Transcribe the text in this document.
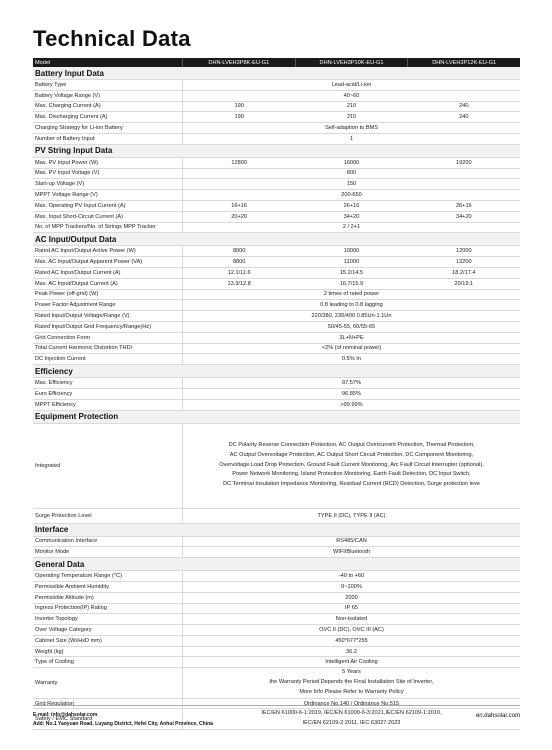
Technical Data
Model	DHN-LVEH3P8K-EU-G1	DHN-LVEH3P10K-EU-G1	DHN-LVEH3P12K-EU-G1
Battery Input Data
Battery Type	Lead-acid/Li-ion
Battery Voltage Range (V)	40~60
Max. Charging Current (A)	190	210	240
Max. Discharging Current (A)	190	210	240
Charging Strategy for Li-ion Battery	Self-adaption to BMS
Number of Battery Input	1
PV String Input Data
Max. PV Input Power (W)	12800	16000	19200
Max. PV Input Voltage (V)	800
Start-up Voltage (V)	150
MPPT Voltage Range (V)	200-650
Max. Operating PV Input Current (A)	16+16	26+16	26+16
Max. Input Short-Circuit Current (A)	20+20	34+20	34+20
No. of MPP Trackers/No. of Strings MPP Tracker	2 / 2+1
AC Input/Output Data
Rated AC Input/Output Active Power (W)	8000	10000	12000
Max. AC Input/Output Apparent Power (VA)	8800	11000	13200
Rated AC Input/Output Current (A)	12.1/11.6	15.2/14.5	18.2/17.4
Max. AC Input/Output Current (A)	13.3/12.8	16.7/15.9	20/19.1
Peak Power (off-grid) (W)	2 times of rated power
Power Factor Adjustment Range	0.8 leading to 0.8 lagging
Rated Input/Output Voltage/Range (V)	220/380, 230/400 0.85Un-1.1Un
Rated Input/Output Grid Frequency/Range(Hz)	50/45-55, 60/55-65
Grid Connection Form	3L+N+PE
Total Current Harmonic Distortion THDi	<2% (of nominal power)
DC Injection Current	0.5% In
Efficiency
Max. Efficiency	97.57%
Euro Efficiency	96.85%
MPPT Efficiency	>99.99%
Equipment Protection
Integrated
DC Polarity Reverse Connection Protection, AC Output Overcurrent Protection, Thermal Protection,
AC Output Overvoltage Protection, AC Output Short Circuit Protection, DC Component Monitoring,
Overvoltage Load Drop Protection, Ground Fault Current Monitoring, Arc Fault Circuit Interrupter (optional),
Power Network Monitoring, Island Protection Monitoring, Earth Fault Detection, DC Input Switch,
DC Terminal Insulation Impedance Monitoring, Residual Current (RCD) Detection, Surge protection leve
Surge Protection Level	TYPE II (DC), TYPE II (AC)
Interface
Communication Interface	RS485/CAN
Monitor Mode	WIFI/Bluetooth
General Data
Operating Temperature Range (°C)	-40 to +60
Permissible Ambient Humidity	0~100%
Permissible Altitude (m)	2000
Ingress Protection(IP) Rating	IP 65
Inverter Topology	Non-isolated
Over Voltage Category	OVC II (DC), OVC III (AC)
Cabinet Size (WxHxD mm)	450*677*255
Weight (kg)	36.2
Type of Cooling	Intelligent Air Cooling
Warranty
5 Years
the Warranty Period Depends the Final Installation Site of Inverter,
More Info Please Refer to Warranty Policy
Grid Regulation	Ordinance No.140 / Ordinance No.515
Safety / EMC Standard
IEC/EN 61000-6-1:2019, IEC/EN 61000-6-3:2021,IEC/EN 62109-1:2010,
IEC/EN 62109-2:2011, IEC 63027:2023
E-mail: info@dahsolar.com
Add: No.1 Yaoyuan Road, Luyang District, Hefei City, Anhui Province, China
en.dahsolar.com
